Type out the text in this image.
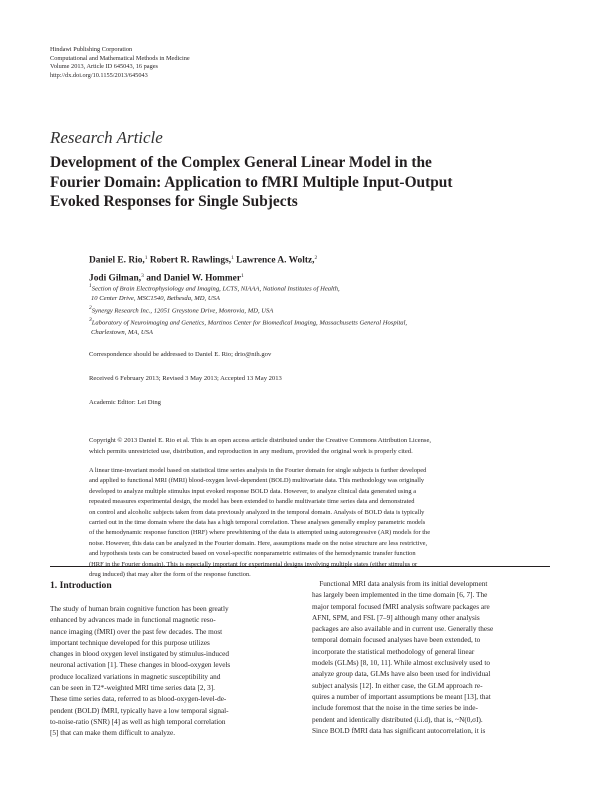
Hindawi Publishing Corporation
Computational and Mathematical Methods in Medicine
Volume 2013, Article ID 645043, 16 pages
http://dx.doi.org/10.1155/2013/645043
Research Article
Development of the Complex General Linear Model in the
Fourier Domain: Application to fMRI Multiple Input-Output
Evoked Responses for Single Subjects
Daniel E. Rio,$^1$ Robert R. Rawlings,$^1$ Lawrence A. Woltz,$^2$
Jodi Gilman,$^3$ and Daniel W. Hommer$^1$
$^1$Section of Brain Electrophysiology and Imaging, LCTS, NIAAA, National Institutes of Health,
10 Center Drive, MSC1540, Bethesda, MD, USA
$^2$Synergy Research Inc., 12051 Greystone Drive, Monrovia, MD, USA
$^3$Laboratory of Neuroimaging and Genetics, Martinos Center for Biomedical Imaging, Massachusetts General Hospital,
Charlestown, MA, USA
Correspondence should be addressed to Daniel E. Rio; drio@nih.gov
Received 6 February 2013; Revised 3 May 2013; Accepted 13 May 2013
Academic Editor: Lei Ding
Copyright © 2013 Daniel E. Rio et al. This is an open access article distributed under the Creative Commons Attribution License,
which permits unrestricted use, distribution, and reproduction in any medium, provided the original work is properly cited.
A linear time-invariant model based on statistical time series analysis in the Fourier domain for single subjects is further developed
and applied to functional MRI (fMRI) blood-oxygen level-dependent (BOLD) multivariate data. This methodology was originally
developed to analyze multiple stimulus input evoked response BOLD data. However, to analyze clinical data generated using a
repeated measures experimental design, the model has been extended to handle multivariate time series data and demonstrated
on control and alcoholic subjects taken from data previously analyzed in the temporal domain. Analysis of BOLD data is typically
carried out in the time domain where the data has a high temporal correlation. These analyses generally employ parametric models
of the hemodynamic response function (HRF) where prewhitening of the data is attempted using autoregressive (AR) models for the
noise. However, this data can be analyzed in the Fourier domain. Here, assumptions made on the noise structure are less restrictive,
and hypothesis tests can be constructed based on voxel-specific nonparametric estimates of the hemodynamic transfer function
(HRF in the Fourier domain). This is especially important for experimental designs involving multiple states (either stimulus or
drug induced) that may alter the form of the response function.
1. Introduction
The study of human brain cognitive function has been greatly
enhanced by advances made in functional magnetic reso-
nance imaging (fMRI) over the past few decades. The most
important technique developed for this purpose utilizes
changes in blood oxygen level instigated by stimulus-induced
neuronal activation [1]. These changes in blood-oxygen levels
produce localized variations in magnetic susceptibility and
can be seen in T2*-weighted MRI time series data [2, 3].
These time series data, referred to as blood-oxygen-level-de-
pendent (BOLD) fMRI, typically have a low temporal signal-
to-noise-ratio (SNR) [4] as well as high temporal correlation
[5] that can make them difficult to analyze.
Functional MRI data analysis from its initial development
has largely been implemented in the time domain [6, 7]. The
major temporal focused fMRI analysis software packages are
AFNI, SPM, and FSL [7–9] although many other analysis
packages are also available and in current use. Generally these
temporal domain focused analyses have been extended, to
incorporate the statistical methodology of general linear
models (GLMs) [8, 10, 11]. While almost exclusively used to
analyze group data, GLMs have also been used for individual
subject analysis [12]. In either case, the GLM approach re-
quires a number of important assumptions be meant [13], that
include foremost that the noise in the time series be inde-
pendent and identically distributed (i.i.d), that is, ~N(0,σI).
Since BOLD fMRI data has significant autocorrelation, it is
